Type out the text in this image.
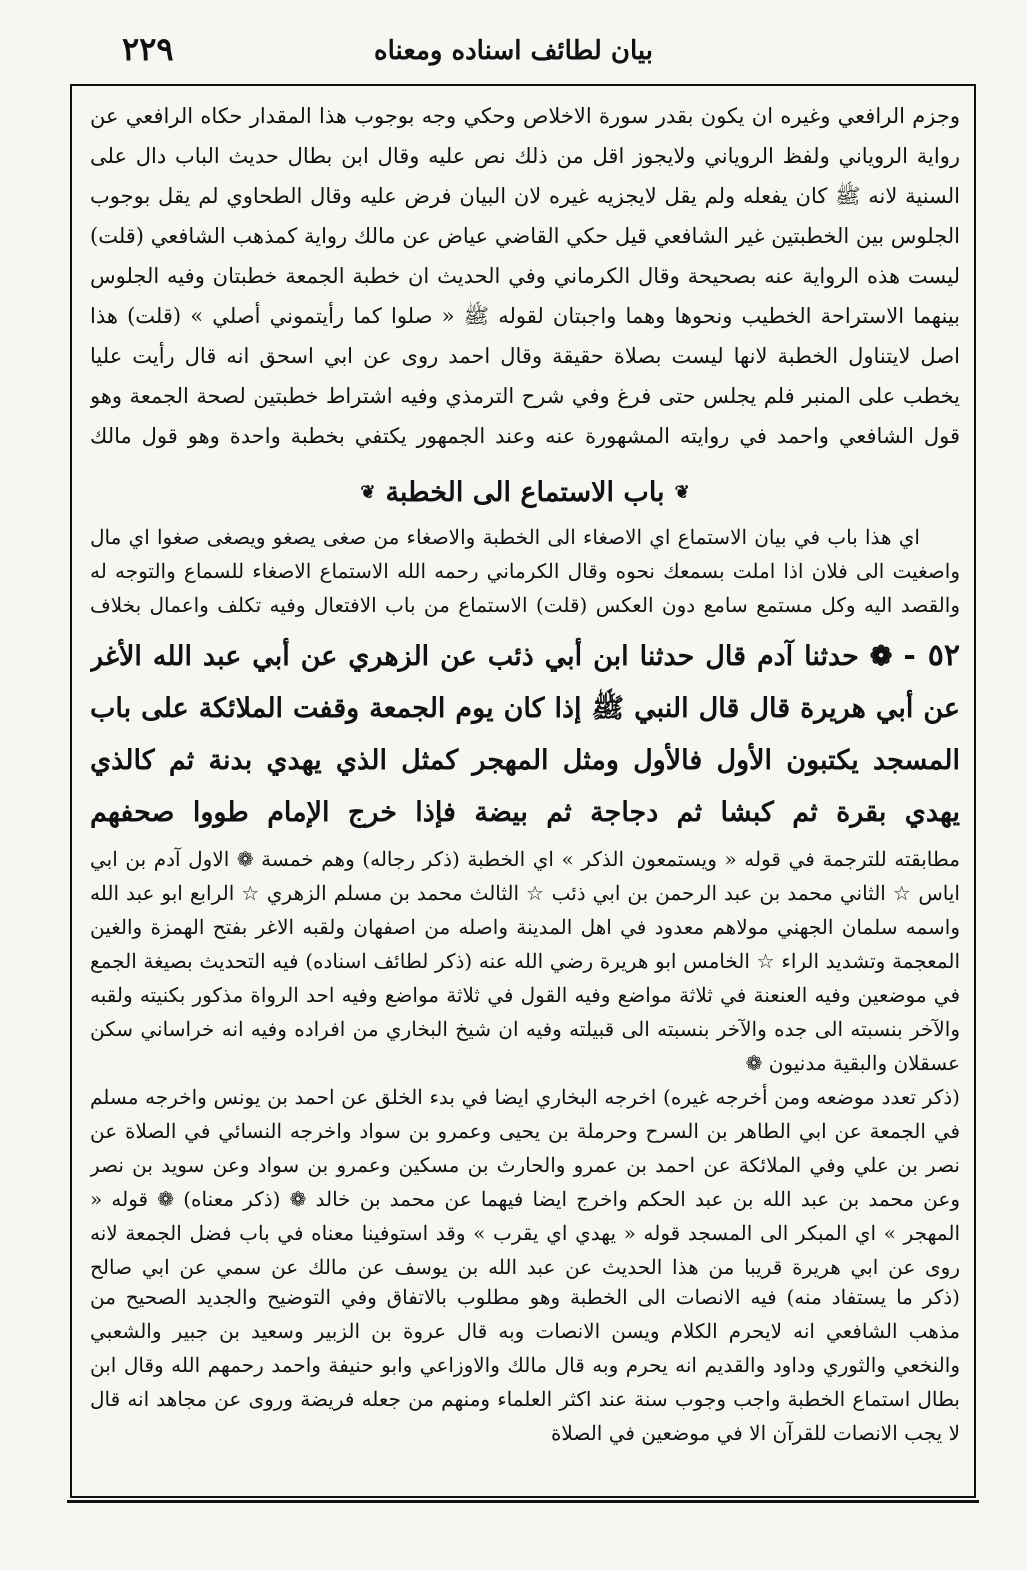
بيان لطائف اسناده ومعناه
٢٢٩

وجزم الرافعي وغيره ان يكون بقدر سورة الاخلاص وحكي وجه بوجوب هذا المقدار حكاه الرافعي عن رواية الروياني ولفظ الروياني ولايجوز اقل من ذلك نص عليه وقال ابن بطال حديث الباب دال على السنية لانه ﷺ كان يفعله ولم يقل لايجزيه غيره لان البيان فرض عليه وقال الطحاوي لم يقل بوجوب الجلوس بين الخطبتين غير الشافعي قيل حكي القاضي عياض عن مالك رواية كمذهب الشافعي (قلت) ليست هذه الرواية عنه بصحيحة وقال الكرماني وفي الحديث ان خطبة الجمعة خطبتان وفيه الجلوس بينهما الاستراحة الخطيب ونحوها وهما واجبتان لقوله ﷺ « صلوا كما رأيتموني أصلي » (قلت) هذا اصل لايتناول الخطبة لانها ليست بصلاة حقيقة وقال احمد روى عن ابي اسحق انه قال رأيت عليا يخطب على المنبر فلم يجلس حتى فرغ وفي شرح الترمذي وفيه اشتراط خطبتين لصحة الجمعة وهو قول الشافعي واحمد في روايته المشهورة عنه وعند الجمهور يكتفي بخطبة واحدة وهو قول مالك

❦
باب الاستماع الى الخطبة
❦

اي هذا باب في بيان الاستماع اي الاصغاء الى الخطبة والاصغاء من صغى يصغو ويصغى صغوا اي مال واصغيت الى فلان اذا املت بسمعك نحوه وقال الكرماني رحمه الله الاستماع الاصغاء للسماع والتوجه له والقصد اليه وكل مستمع سامع دون العكس (قلت) الاستماع من باب الافتعال وفيه تكلف واعمال بخلاف

٥٢ - ❁ حدثنا آدم قال حدثنا ابن أبي ذئب عن الزهري عن أبي عبد الله الأغر عن أبي هريرة قال قال النبي ﷺ إذا كان يوم الجمعة وقفت الملائكة على باب المسجد يكتبون الأول فالأول ومثل المهجر كمثل الذي يهدي بدنة ثم كالذي يهدي بقرة ثم كبشا ثم دجاجة ثم بيضة فإذا خرج الإمام طووا صحفهم

مطابقته للترجمة في قوله « ويستمعون الذكر » اي الخطبة (ذكر رجاله) وهم خمسة ❁ الاول آدم بن ابي اياس ☆ الثاني محمد بن عبد الرحمن بن ابي ذئب ☆ الثالث محمد بن مسلم الزهري ☆ الرابع ابو عبد الله واسمه سلمان الجهني مولاهم معدود في اهل المدينة واصله من اصفهان ولقبه الاغر بفتح الهمزة والغين المعجمة وتشديد الراء ☆ الخامس ابو هريرة رضي الله عنه (ذكر لطائف اسناده) فيه التحديث بصيغة الجمع في موضعين وفيه العنعنة في ثلاثة مواضع وفيه القول في ثلاثة مواضع وفيه احد الرواة مذكور بكنيته ولقبه والآخر بنسبته الى جده والآخر بنسبته الى قبيلته وفيه ان شيخ البخاري من افراده وفيه انه خراساني سكن عسقلان والبقية مدنيون ❁

(ذكر تعدد موضعه ومن أخرجه غيره) اخرجه البخاري ايضا في بدء الخلق عن احمد بن يونس واخرجه مسلم في الجمعة عن ابي الطاهر بن السرح وحرملة بن يحيى وعمرو بن سواد واخرجه النسائي في الصلاة عن نصر بن علي وفي الملائكة عن احمد بن عمرو والحارث بن مسكين وعمرو بن سواد وعن سويد بن نصر وعن محمد بن عبد الله بن عبد الحكم واخرج ايضا فيهما عن محمد بن خالد ❁ (ذكر معناه) ❁ قوله « المهجر » اي المبكر الى المسجد قوله « يهدي اي يقرب » وقد استوفينا معناه في باب فضل الجمعة لانه روى عن ابي هريرة قريبا من هذا الحديث عن عبد الله بن يوسف عن مالك عن سمي عن ابي صالح

(ذكر ما يستفاد منه) فيه الانصات الى الخطبة وهو مطلوب بالاتفاق وفي التوضيح والجديد الصحيح من مذهب الشافعي انه لايحرم الكلام ويسن الانصات وبه قال عروة بن الزبير وسعيد بن جبير والشعبي والنخعي والثوري وداود والقديم انه يحرم وبه قال مالك والاوزاعي وابو حنيفة واحمد رحمهم الله وقال ابن بطال استماع الخطبة واجب وجوب سنة عند اكثر العلماء ومنهم من جعله فريضة وروى عن مجاهد انه قال لا يجب الانصات للقرآن الا في موضعين في الصلاة
